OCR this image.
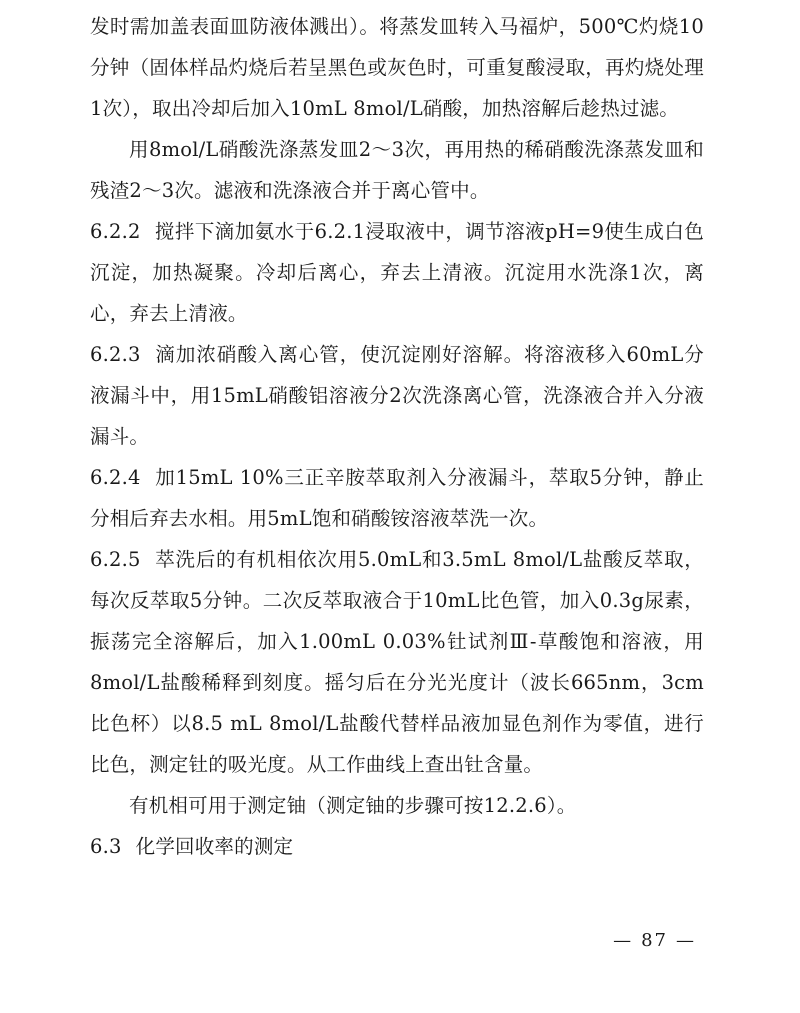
发时需加盖表面皿防液体溅出）。将蒸发皿转入马福炉，500℃灼烧10分钟（固体样品灼烧后若呈黑色或灰色时，可重复酸浸取，再灼烧处理1次），取出冷却后加入10mL 8mol/L硝酸，加热溶解后趁热过滤。

用8mol/L硝酸洗涤蒸发皿2～3次，再用热的稀硝酸洗涤蒸发皿和残渣2～3次。滤液和洗涤液合并于离心管中。

6.2.2 搅拌下滴加氨水于6.2.1浸取液中，调节溶液pH=9使生成白色沉淀，加热凝聚。冷却后离心，弃去上清液。沉淀用水洗涤1次，离心，弃去上清液。

6.2.3 滴加浓硝酸入离心管，使沉淀刚好溶解。将溶液移入60mL分液漏斗中，用15mL硝酸铝溶液分2次洗涤离心管，洗涤液合并入分液漏斗。

6.2.4 加15mL 10%三正辛胺萃取剂入分液漏斗，萃取5分钟，静止分相后弃去水相。用5mL饱和硝酸铵溶液萃洗一次。

6.2.5 萃洗后的有机相依次用5.0mL和3.5mL 8mol/L盐酸反萃取，每次反萃取5分钟。二次反萃取液合于10mL比色管，加入0.3g尿素，振荡完全溶解后，加入1.00mL 0.03%钍试剂Ⅲ-草酸饱和溶液，用8mol/L盐酸稀释到刻度。摇匀后在分光光度计（波长665nm，3cm比色杯）以8.5 mL 8mol/L盐酸代替样品液加显色剂作为零值，进行比色，测定钍的吸光度。从工作曲线上查出钍含量。

有机相可用于测定铀（测定铀的步骤可按12.2.6）。

6.3 化学回收率的测定

— 87 —
